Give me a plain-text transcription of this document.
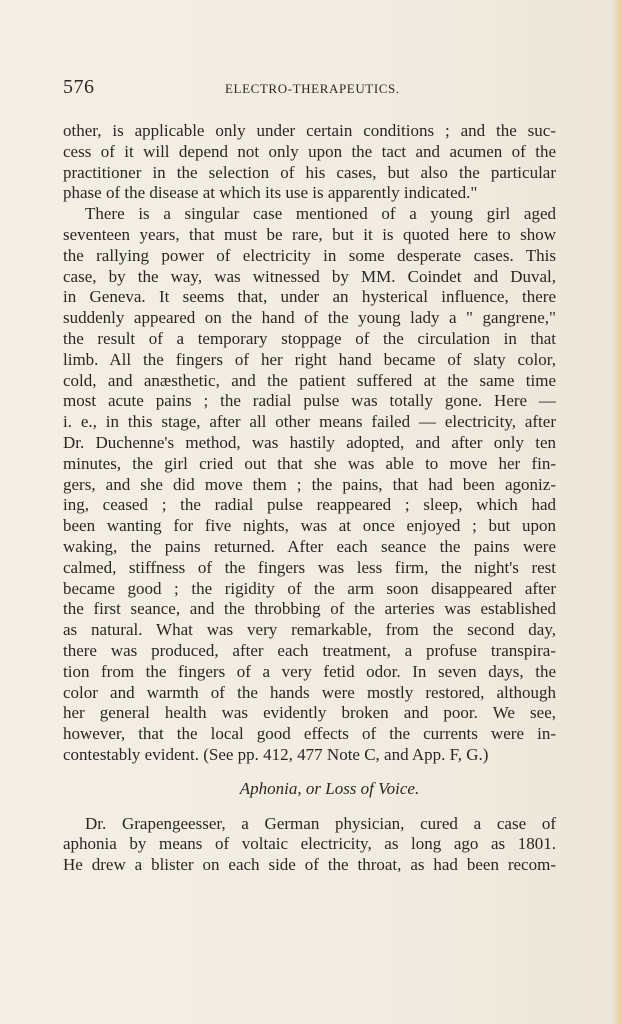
576	ELECTRO-THERAPEUTICS.
other, is applicable only under certain conditions ; and the suc-
cess of it will depend not only upon the tact and acumen of the
practitioner in the selection of his cases, but also the particular
phase of the disease at which its use is apparently indicated."
There is a singular case mentioned of a young girl aged
seventeen years, that must be rare, but it is quoted here to show
the rallying power of electricity in some desperate cases. This
case, by the way, was witnessed by MM. Coindet and Duval,
in Geneva. It seems that, under an hysterical influence, there
suddenly appeared on the hand of the young lady a " gangrene,"
the result of a temporary stoppage of the circulation in that
limb. All the fingers of her right hand became of slaty color,
cold, and anæsthetic, and the patient suffered at the same time
most acute pains ; the radial pulse was totally gone. Here —
i. e., in this stage, after all other means failed — electricity, after
Dr. Duchenne's method, was hastily adopted, and after only ten
minutes, the girl cried out that she was able to move her fin-
gers, and she did move them ; the pains, that had been agoniz-
ing, ceased ; the radial pulse reappeared ; sleep, which had
been wanting for five nights, was at once enjoyed ; but upon
waking, the pains returned. After each seance the pains were
calmed, stiffness of the fingers was less firm, the night's rest
became good ; the rigidity of the arm soon disappeared after
the first seance, and the throbbing of the arteries was established
as natural. What was very remarkable, from the second day,
there was produced, after each treatment, a profuse transpira-
tion from the fingers of a very fetid odor. In seven days, the
color and warmth of the hands were mostly restored, although
her general health was evidently broken and poor. We see,
however, that the local good effects of the currents were in-
contestably evident. (See pp. 412, 477 Note C, and App. F, G.)
Aphonia, or Loss of Voice.
Dr. Grapengeesser, a German physician, cured a case of
aphonia by means of voltaic electricity, as long ago as 1801.
He drew a blister on each side of the throat, as had been recom-
